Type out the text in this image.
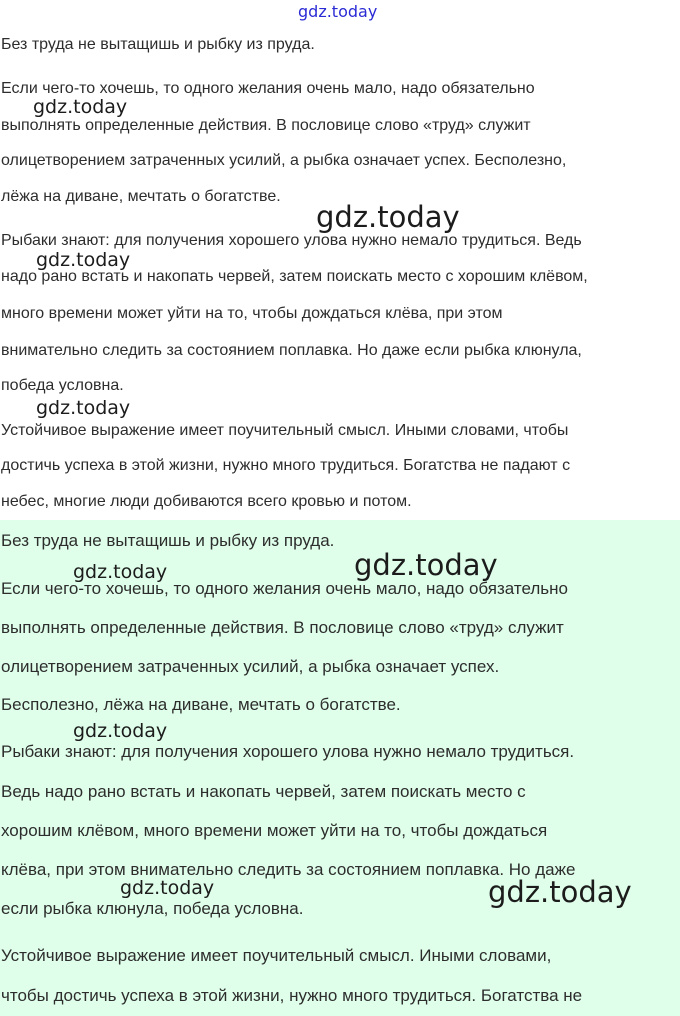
Без труда не вытащишь и рыбку из пруда.
Если чего-то хочешь, то одного желания очень мало, надо обязательно
выполнять определенные действия. В пословице слово «труд» служит
олицетворением затраченных усилий, а рыбка означает успех. Бесполезно,
лёжа на диване, мечтать о богатстве.
Рыбаки знают: для получения хорошего улова нужно немало трудиться. Ведь
надо рано встать и накопать червей, затем поискать место с хорошим клёвом,
много времени может уйти на то, чтобы дождаться клёва, при этом
внимательно следить за состоянием поплавка. Но даже если рыбка клюнула,
победа условна.
Устойчивое выражение имеет поучительный смысл. Иными словами, чтобы
достичь успеха в этой жизни, нужно много трудиться. Богатства не падают с
небес, многие люди добиваются всего кровью и потом.
Без труда не вытащишь и рыбку из пруда.
Если чего-то хочешь, то одного желания очень мало, надо обязательно
выполнять определенные действия. В пословице слово «труд» служит
олицетворением затраченных усилий, а рыбка означает успех.
Бесполезно, лёжа на диване, мечтать о богатстве.
Рыбаки знают: для получения хорошего улова нужно немало трудиться.
Ведь надо рано встать и накопать червей, затем поискать место с
хорошим клёвом, много времени может уйти на то, чтобы дождаться
клёва, при этом внимательно следить за состоянием поплавка. Но даже
если рыбка клюнула, победа условна.
Устойчивое выражение имеет поучительный смысл. Иными словами,
чтобы достичь успеха в этой жизни, нужно много трудиться. Богатства не
gdz.today
gdz.today
gdz.today
gdz.today
gdz.today
gdz.today	gdz.today
gdz.today
gdz.today	gdz.today
